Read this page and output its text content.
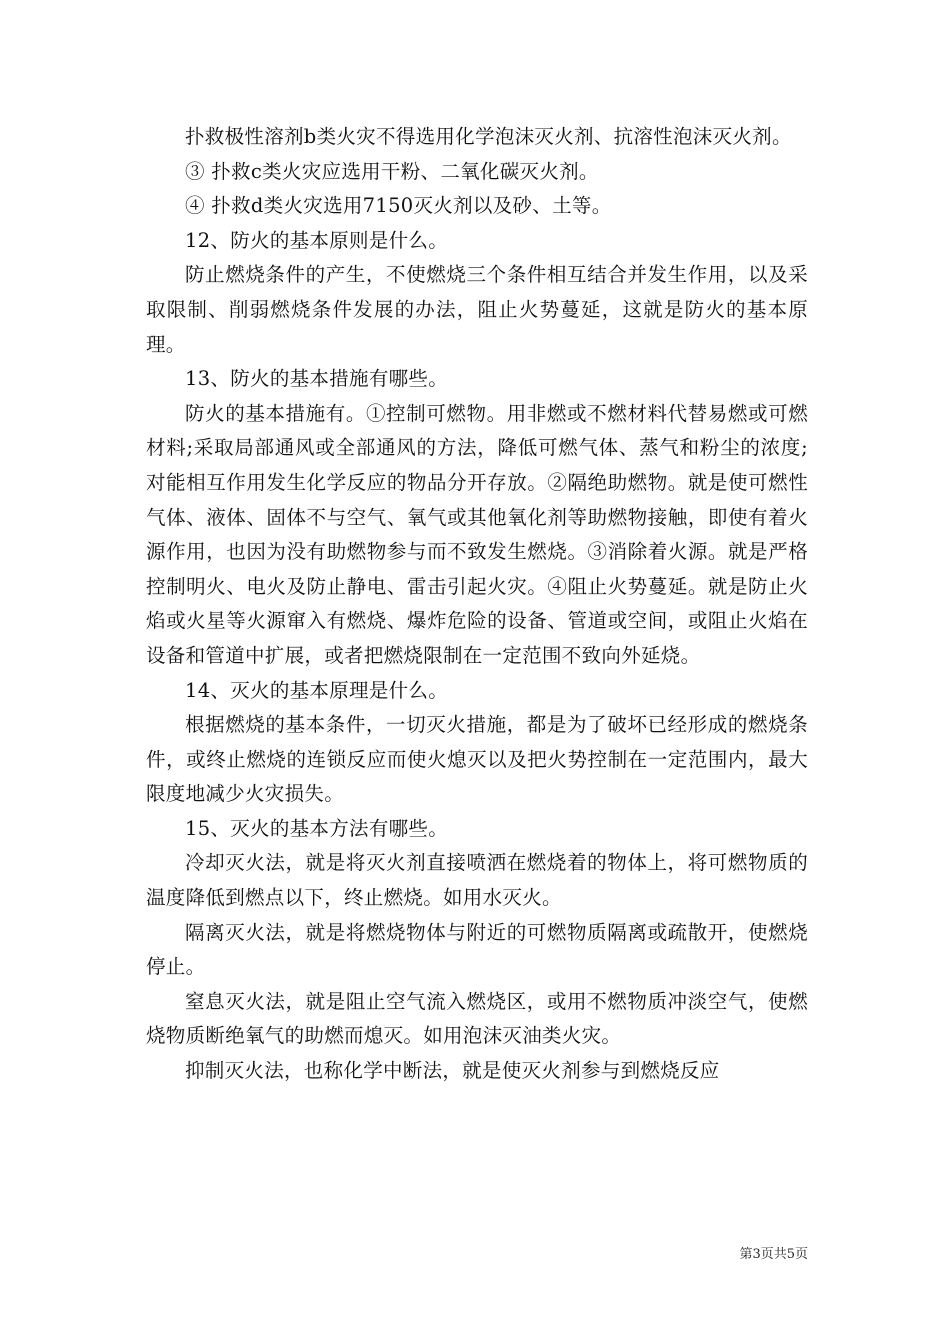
扑救极性溶剂b类火灾不得选用化学泡沫灭火剂、抗溶性泡沫灭火剂。

③ 扑救c类火灾应选用干粉、二氧化碳灭火剂。

④ 扑救d类火灾选用7150灭火剂以及砂、土等。

12、防火的基本原则是什么。

防止燃烧条件的产生，不使燃烧三个条件相互结合并发生作用，以及采取限制、削弱燃烧条件发展的办法，阻止火势蔓延，这就是防火的基本原理。

13、防火的基本措施有哪些。

防火的基本措施有。①控制可燃物。用非燃或不燃材料代替易燃或可燃材料;采取局部通风或全部通风的方法，降低可燃气体、蒸气和粉尘的浓度;对能相互作用发生化学反应的物品分开存放。②隔绝助燃物。就是使可燃性气体、液体、固体不与空气、氧气或其他氧化剂等助燃物接触，即使有着火源作用，也因为没有助燃物参与而不致发生燃烧。③消除着火源。就是严格控制明火、电火及防止静电、雷击引起火灾。④阻止火势蔓延。就是防止火焰或火星等火源窜入有燃烧、爆炸危险的设备、管道或空间，或阻止火焰在设备和管道中扩展，或者把燃烧限制在一定范围不致向外延烧。

14、灭火的基本原理是什么。

根据燃烧的基本条件，一切灭火措施，都是为了破坏已经形成的燃烧条件，或终止燃烧的连锁反应而使火熄灭以及把火势控制在一定范围内，最大限度地减少火灾损失。

15、灭火的基本方法有哪些。

冷却灭火法，就是将灭火剂直接喷洒在燃烧着的物体上，将可燃物质的温度降低到燃点以下，终止燃烧。如用水灭火。

隔离灭火法，就是将燃烧物体与附近的可燃物质隔离或疏散开，使燃烧停止。

窒息灭火法，就是阻止空气流入燃烧区，或用不燃物质冲淡空气，使燃烧物质断绝氧气的助燃而熄灭。如用泡沫灭油类火灾。

抑制灭火法，也称化学中断法，就是使灭火剂参与到燃烧反应

第3页共5页
